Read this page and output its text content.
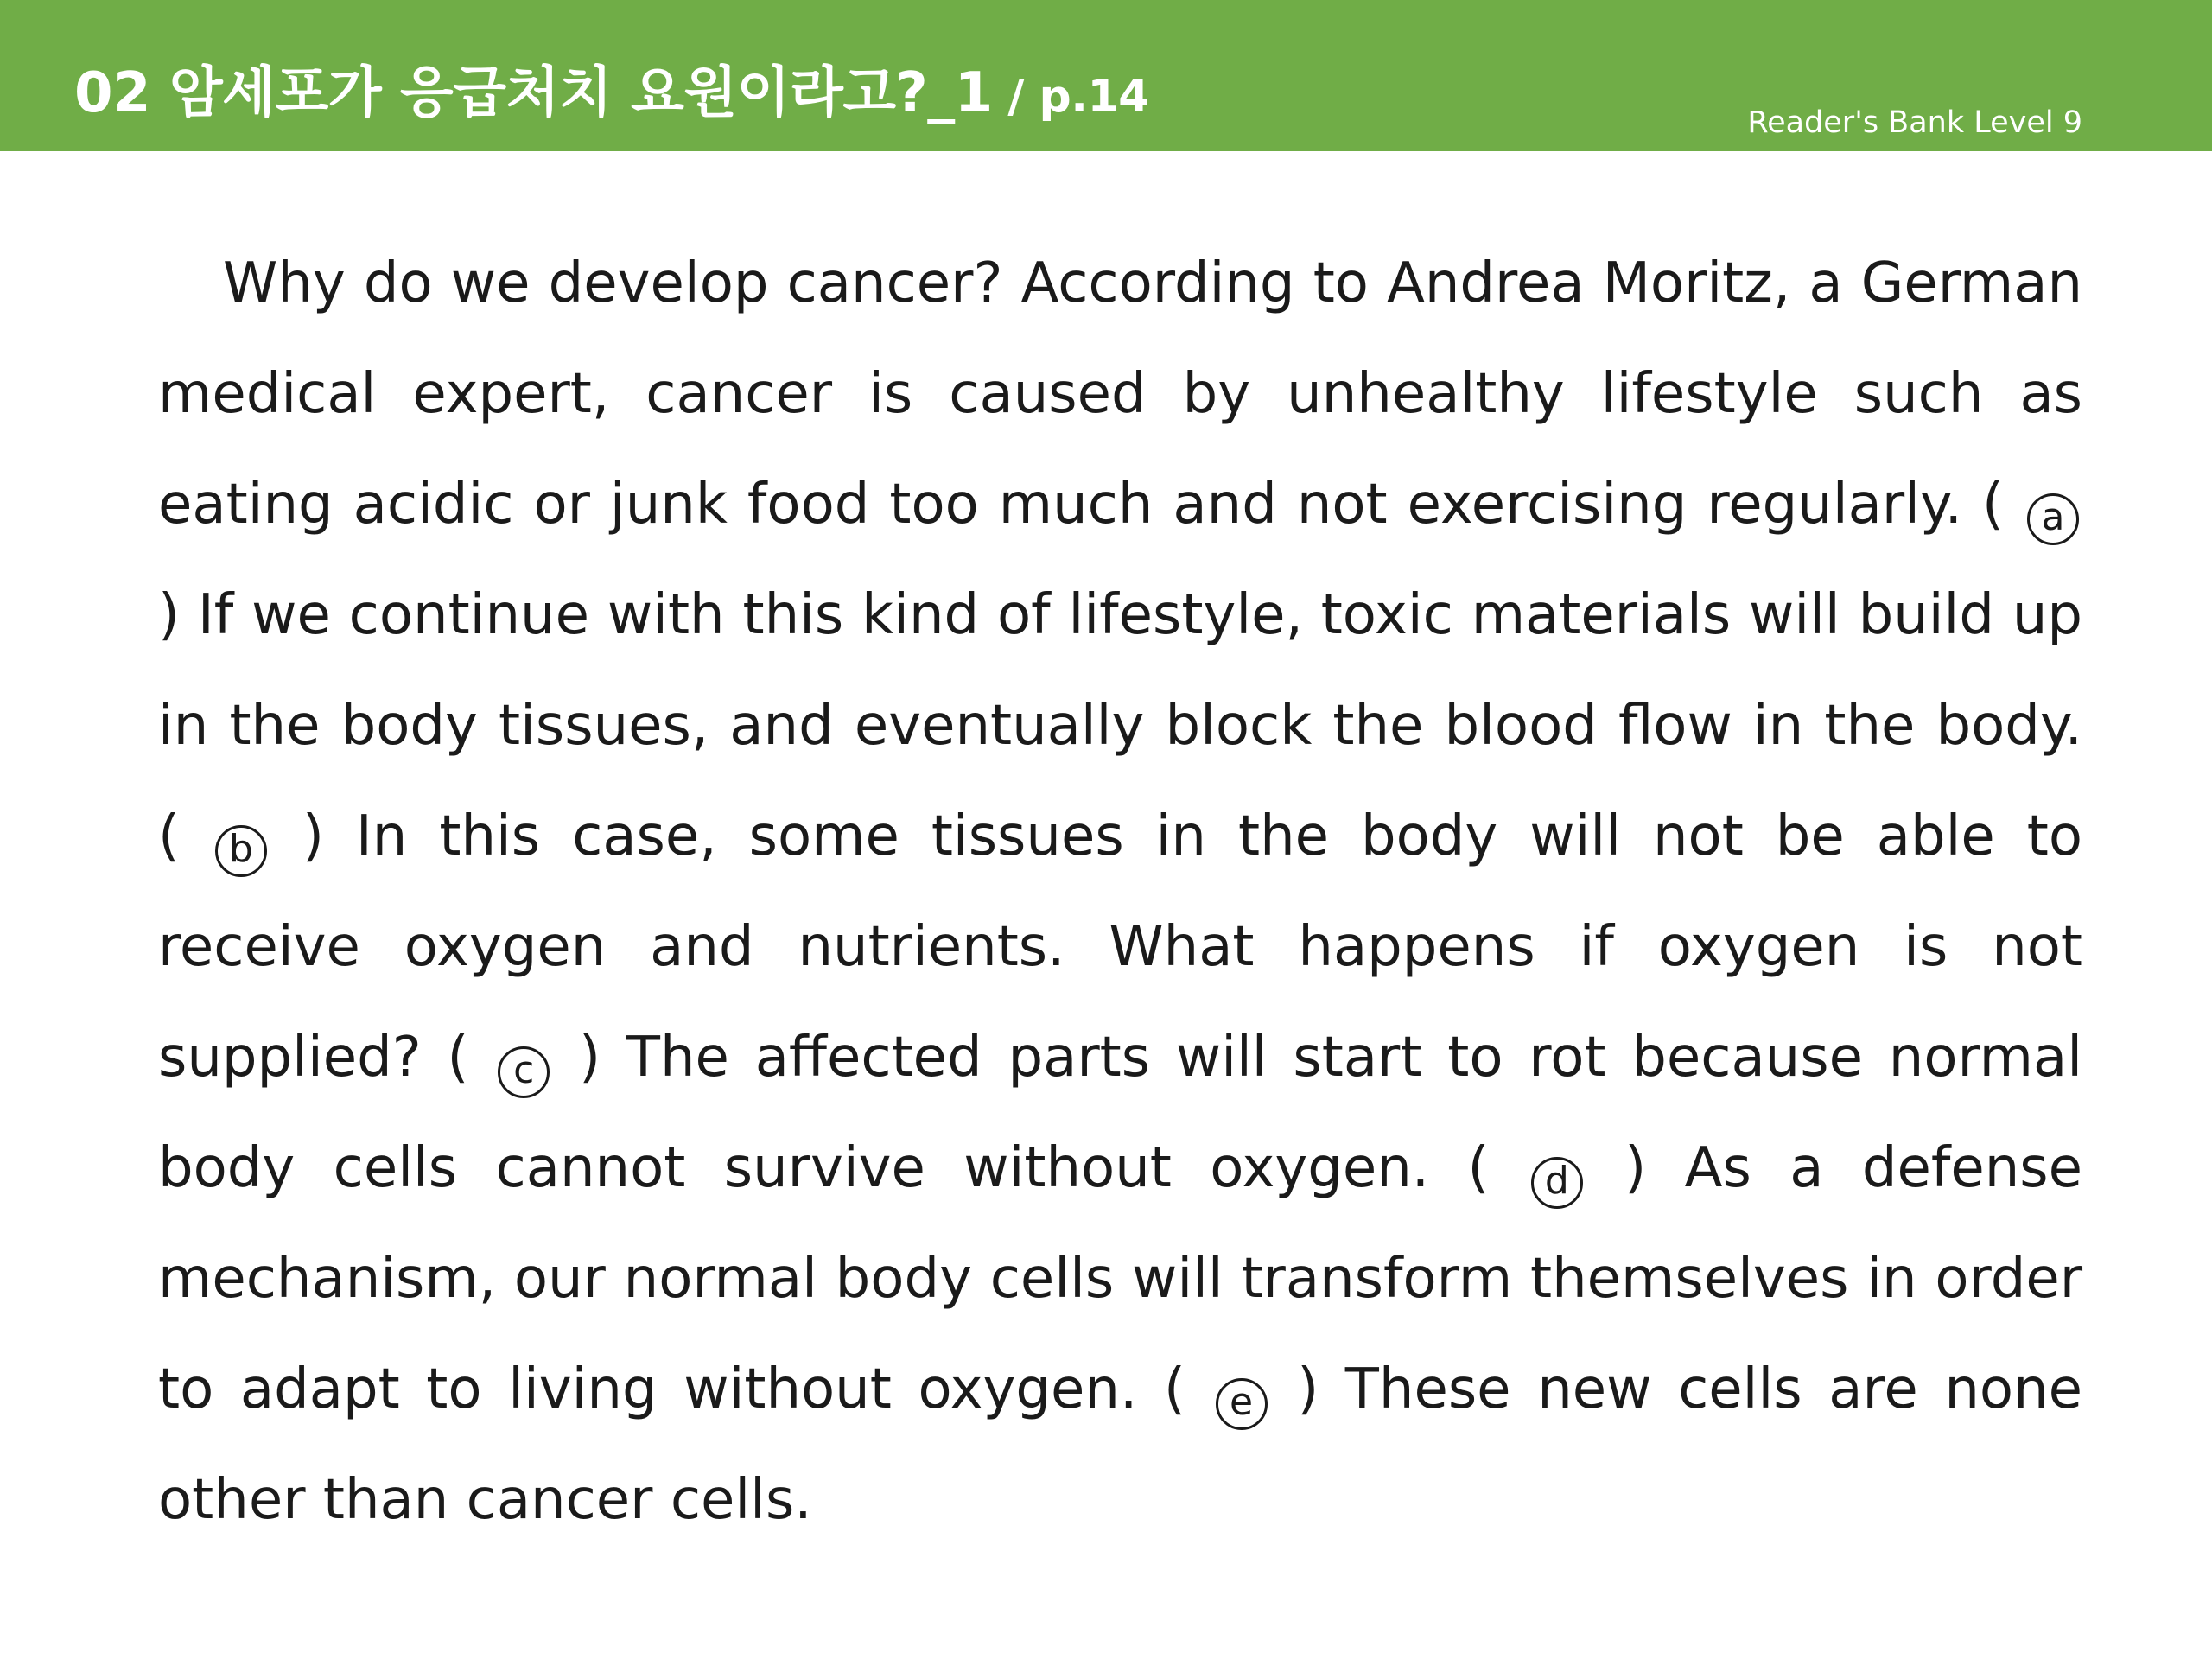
02 암세포가 응급처치 요원이라고?_1 / p.14	Reader's Bank Level 9

Why do we develop cancer? According to Andrea Moritz, a German medical expert, cancer is caused by unhealthy lifestyle such as eating acidic or junk food too much and not exercising regularly. ( a ) If we continue with this kind of lifestyle, toxic materials will build up in the body tissues, and eventually block the blood flow in the body. ( b ) In this case, some tissues in the body will not be able to receive oxygen and nutrients. What happens if oxygen is not supplied? ( c ) The affected parts will start to rot because normal body cells cannot survive without oxygen. ( d ) As a defense mechanism, our normal body cells will transform themselves in order to adapt to living without oxygen. ( e ) These new cells are none other than cancer cells.
